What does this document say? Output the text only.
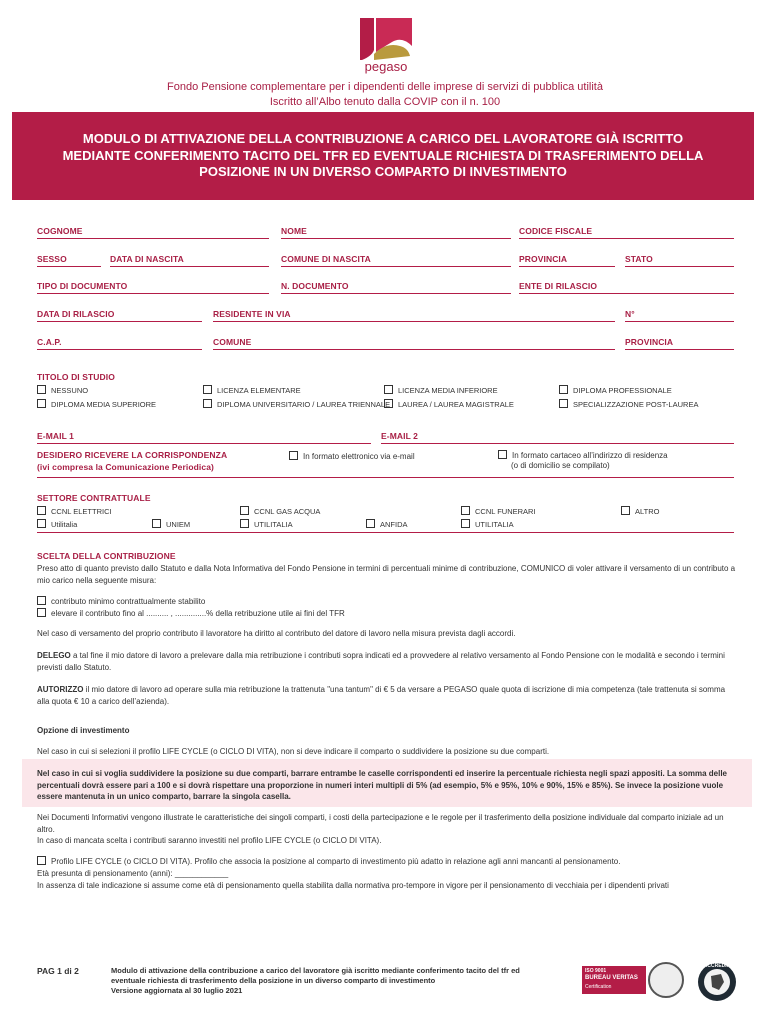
pegaso
Fondo Pensione complementare per i dipendenti delle imprese di servizi di pubblica utilità
Iscritto all’Albo tenuto dalla COVIP con il n. 100
MODULO DI ATTIVAZIONE DELLA CONTRIBUZIONE A CARICO DEL LAVORATORE GIÀ ISCRITTO MEDIANTE CONFERIMENTO TACITO DEL TFR ED EVENTUALE RICHIESTA DI TRASFERIMENTO DELLA POSIZIONE IN UN DIVERSO COMPARTO DI INVESTIMENTO
COGNOME	NOME	CODICE FISCALE
SESSO	DATA DI NASCITA	COMUNE DI NASCITA	PROVINCIA	STATO
TIPO DI DOCUMENTO	N. DOCUMENTO	ENTE DI RILASCIO
DATA DI RILASCIO	RESIDENTE IN VIA	N°
C.A.P.	COMUNE	PROVINCIA
TITOLO DI STUDIO
NESSUNO	LICENZA ELEMENTARE	LICENZA MEDIA INFERIORE	DIPLOMA PROFESSIONALE
DIPLOMA MEDIA SUPERIORE	DIPLOMA UNIVERSITARIO / LAUREA TRIENNALE	LAUREA / LAUREA MAGISTRALE	SPECIALIZZAZIONE POST-LAUREA
E-MAIL 1	E-MAIL 2
DESIDERO RICEVERE LA CORRISPONDENZA
(ivi compresa la Comunicazione Periodica)
In formato elettronico via e-mail	In formato cartaceo all’indirizzo di residenza
(o di domicilio se compilato)
SETTORE CONTRATTUALE
CCNL ELETTRICI	CCNL GAS ACQUA	CCNL FUNERARI	ALTRO
Utilitalia	UNIEM	UTILITALIA	ANFIDA	UTILITALIA
SCELTA DELLA CONTRIBUZIONE
Preso atto di quanto previsto dallo Statuto e dalla Nota Informativa del Fondo Pensione in termini di percentuali minime di contribuzione, COMUNICO di voler attivare il versamento di un contributo a mio carico nella seguente misura:
contributo minimo contrattualmente stabilito
elevare il contributo fino al .......... , ..............% della retribuzione utile ai fini del TFR
Nel caso di versamento del proprio contributo il lavoratore ha diritto al contributo del datore di lavoro nella misura prevista dagli accordi.
DELEGO a tal fine il mio datore di lavoro a prelevare dalla mia retribuzione i contributi sopra indicati ed a provvedere al relativo versamento al Fondo Pensione con le modalità e secondo i termini previsti dallo Statuto.
AUTORIZZO il mio datore di lavoro ad operare sulla mia retribuzione la trattenuta "una tantum" di € 5 da versare a PEGASO quale quota di iscrizione di mia competenza (tale trattenuta si somma alla quota € 10 a carico dell’azienda).
Opzione di investimento
Nel caso in cui si selezioni il profilo LIFE CYCLE (o CICLO DI VITA), non si deve indicare il comparto o suddividere la posizione su due comparti.
Nel caso in cui si voglia suddividere la posizione su due comparti, barrare entrambe le caselle corrispondenti ed inserire la percentuale richiesta negli spazi appositi. La somma delle percentuali dovrà essere pari a 100 e si dovrà rispettare una proporzione in numeri interi multipli di 5% (ad esempio, 5% e 95%, 10% e 90%, 15% e 85%). Se invece la posizione vuole essere mantenuta in un unico comparto, barrare la singola casella.
Nei Documenti Informativi vengono illustrate le caratteristiche dei singoli comparti, i costi della partecipazione e le regole per il trasferimento della posizione individuale dal comparto iniziale ad un altro.
In caso di mancata scelta i contributi saranno investiti nel profilo LIFE CYCLE (o CICLO DI VITA).
Profilo LIFE CYCLE (o CICLO DI VITA). Profilo che associa la posizione al comparto di investimento più adatto in relazione agli anni mancanti al pensionamento.
Età presunta di pensionamento (anni): ____________
In assenza di tale indicazione si assume come età di pensionamento quella stabilita dalla normativa pro-tempore in vigore per il pensionamento di vecchiaia per i dipendenti privati
PAG 1 di 2	Modulo di attivazione della contribuzione a carico del lavoratore già iscritto mediante conferimento tacito del tfr ed
eventuale richiesta di trasferimento della posizione in un diverso comparto di investimento
Versione aggiornata al 30 luglio 2021
ISO 9001
BUREAU VERITAS
Certification
ACCREDIA
